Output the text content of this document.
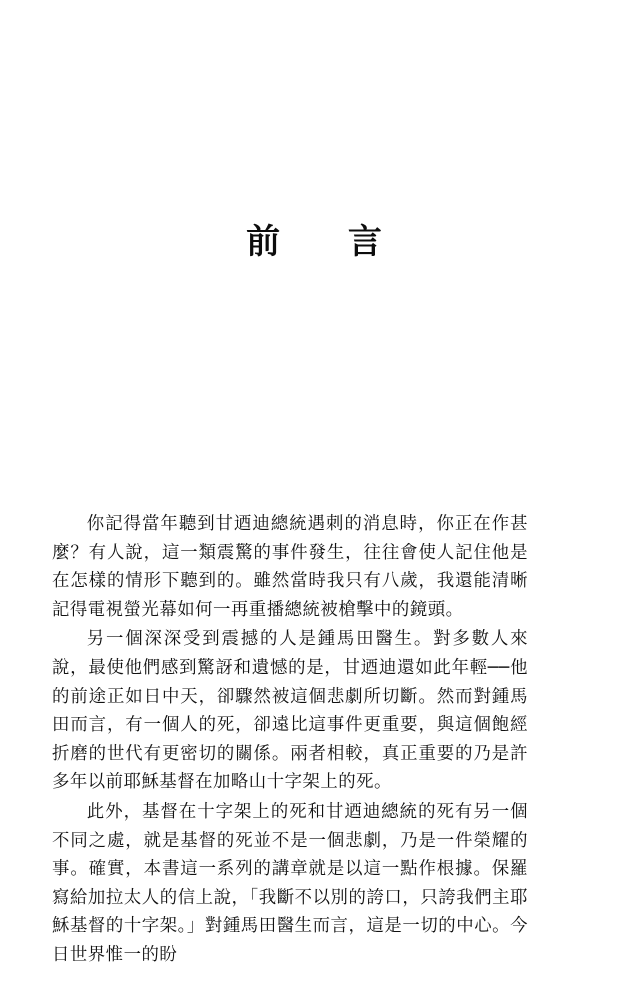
前 言

你記得當年聽到甘迺迪總統遇刺的消息時，你正在作甚麼？有人說，這一類震驚的事件發生，往往會使人記住他是在怎樣的情形下聽到的。雖然當時我只有八歲，我還能清晰記得電視螢光幕如何一再重播總統被槍擊中的鏡頭。

另一個深深受到震撼的人是鍾馬田醫生。對多數人來說，最使他們感到驚訝和遺憾的是，甘迺迪還如此年輕──他的前途正如日中天，卻驟然被這個悲劇所切斷。然而對鍾馬田而言，有一個人的死，卻遠比這事件更重要，與這個飽經折磨的世代有更密切的關係。兩者相較，真正重要的乃是許多年以前耶穌基督在加略山十字架上的死。

此外，基督在十字架上的死和甘迺迪總統的死有另一個不同之處，就是基督的死並不是一個悲劇，乃是一件榮耀的事。確實，本書這一系列的講章就是以這一點作根據。保羅寫給加拉太人的信上說，「我斷不以別的誇口，只誇我們主耶穌基督的十字架。」對鍾馬田醫生而言，這是一切的中心。今日世界惟一的盼
